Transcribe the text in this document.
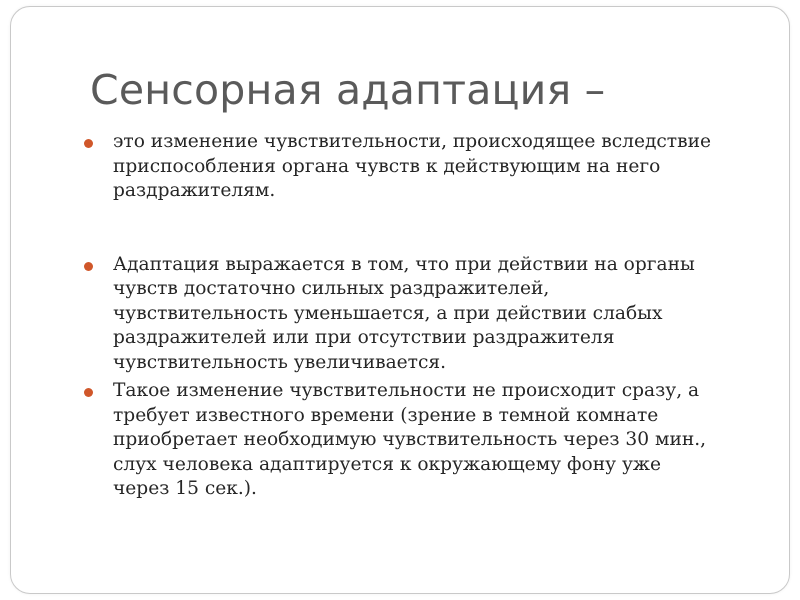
Сенсорная адаптация –
это изменение чувствительности, происходящее вследствие
приспособления органа чувств к действующим на него
раздражителям.
Адаптация выражается в том, что при действии на органы
чувств достаточно сильных раздражителей,
чувствительность уменьшается, а при действии слабых
раздражителей или при отсутствии раздражителя
чувствительность увеличивается.
Такое изменение чувствительности не происходит сразу, а
требует известного времени (зрение в темной комнате
приобретает необходимую чувствительность через 30 мин.,
слух человека адаптируется к окружающему фону уже
через 15 сек.).
